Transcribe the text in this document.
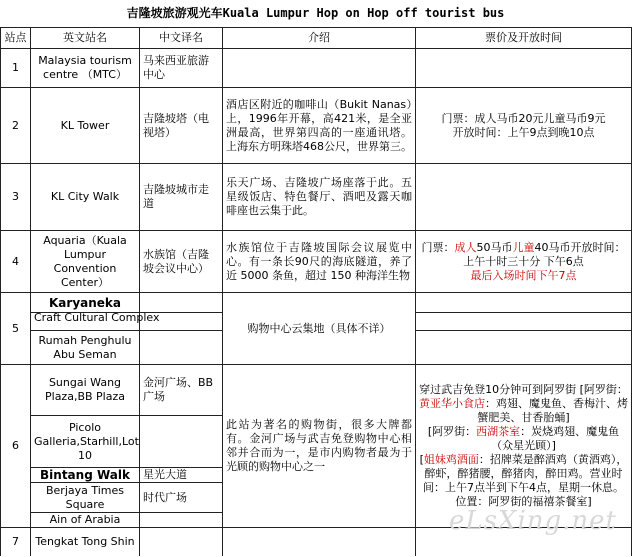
吉隆坡旅游观光车Kuala Lumpur Hop on Hop off tourist bus
站点	英文站名	中文译名	介绍	票价及开放时间
1	Malaysia tourism centre （MTC）	马来西亚旅游中心		
2	KL Tower	吉隆坡塔（电视塔）	酒店区附近的咖啡山（Bukit Nanas）上，1996年开幕，高421米，是全亚洲最高，世界第四高的一座通讯塔。上海东方明珠塔468公尺，世界第三。	门票：成人马币20元儿童马币9元
开放时间：上午9点到晚10点

3	KL City Walk	吉隆坡城市走道	乐天广场、吉隆坡广场座落于此。五星级饭店、特色餐厅、酒吧及露天咖啡座也云集于此。	
4	Aquaria（Kuala Lumpur Convention Center）	水族馆（吉隆坡会议中心）	水族馆位于吉隆坡国际会议展览中心。有一条长90尺的海底隧道，养了近 5000 条鱼，超过 150 种海洋生物	门票：成人50马币儿童40马币开放时间：
上午十时三十分 下午6点
最后入场时间下午7点

5	Karyaneka		购物中心云集地（具体不详）	

	Craft Cultural Complex			

	Rumah Penghulu Abu Seman			
6	Sungai Wang Plaza,BB Plaza	金河广场、BB广场	此站为著名的购物街，很多大牌都有。金河广场与武吉免登购物中心相邻并合而为一，是市内购物者最为于光顾的购物中心之一	穿过武吉免登10分钟可到阿罗街 [阿罗街：黄亚华小食店：鸡翅、魔鬼鱼、香梅汁、烤蟹肥美、甘香胎蛹]
[阿罗街：西湖茶室：炭烧鸡翅、魔鬼鱼（众星光顾）]
[姐妹鸡酒面：招牌菜是醉酒鸡（黄酒鸡），醉虾，醉猪腰，醉猪肉，醉田鸡。营业时间：上午7点半到下午4点，星期一休息。位置：阿罗街的福禧茶餐室]

	Picolo Galleria,Starhill,Lot 10			
	Bintang Walk	星光大道		
	Berjaya Times Square	时代广场		
	Ain of Arabia			
7	Tengkat Tong Shin			
eLsXing.net
